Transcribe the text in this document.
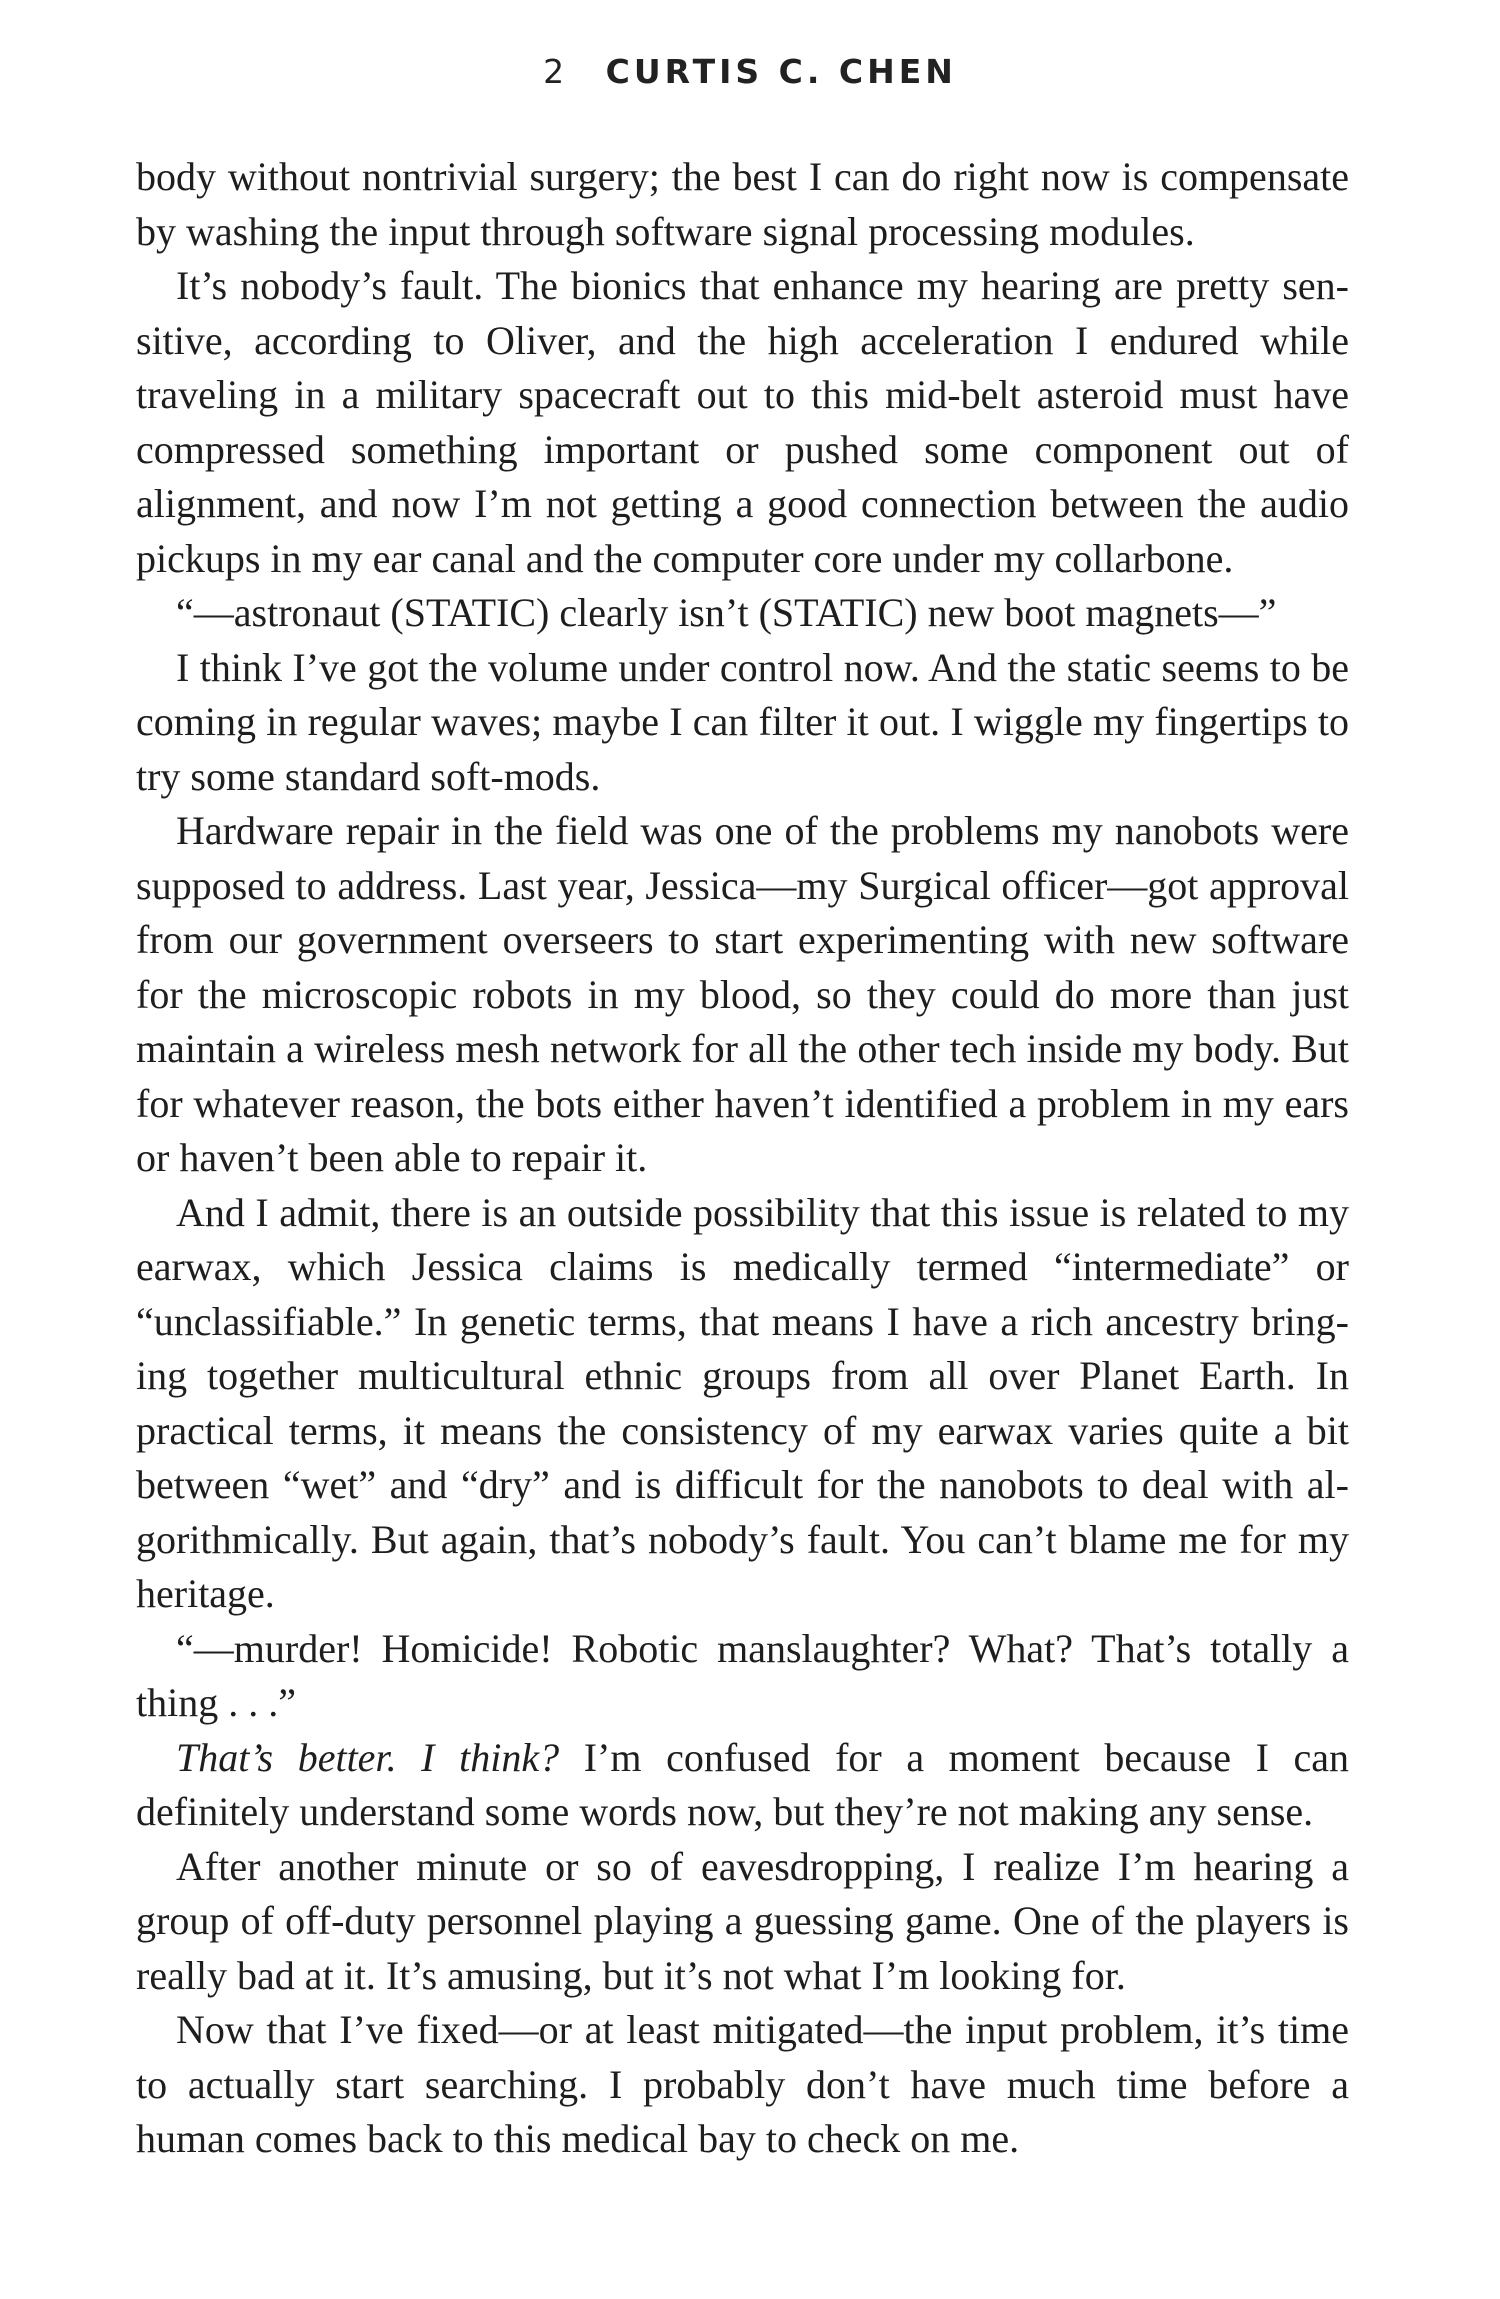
2 CURTIS C. CHEN

body without nontrivial surgery; the best I can do right now is compensate by washing the input through software signal processing modules.

It’s nobody’s fault. The bionics that enhance my hearing are pretty sensitive, according to Oliver, and the high acceleration I endured while traveling in a military spacecraft out to this mid-belt asteroid must have compressed something important or pushed some component out of alignment, and now I’m not getting a good connection between the audio pickups in my ear canal and the computer core under my collarbone.

“—astronaut (STATIC) clearly isn’t (STATIC) new boot magnets—”

I think I’ve got the volume under control now. And the static seems to be coming in regular waves; maybe I can filter it out. I wiggle my fingertips to try some standard soft-mods.

Hardware repair in the field was one of the problems my nanobots were supposed to address. Last year, Jessica—my Surgical officer—got approval from our government overseers to start experimenting with new software for the microscopic robots in my blood, so they could do more than just maintain a wireless mesh network for all the other tech inside my body. But for whatever reason, the bots either haven’t identified a problem in my ears or haven’t been able to repair it.

And I admit, there is an outside possibility that this issue is related to my earwax, which Jessica claims is medically termed “intermediate” or “unclassifiable.” In genetic terms, that means I have a rich ancestry bringing together multicultural ethnic groups from all over Planet Earth. In practical terms, it means the consistency of my earwax varies quite a bit between “wet” and “dry” and is difficult for the nanobots to deal with algorithmically. But again, that’s nobody’s fault. You can’t blame me for my heritage.

“—murder! Homicide! Robotic manslaughter? What? That’s totally a thing . . .”

That’s better. I think? I’m confused for a moment because I can definitely understand some words now, but they’re not making any sense.

After another minute or so of eavesdropping, I realize I’m hearing a group of off-duty personnel playing a guessing game. One of the players is really bad at it. It’s amusing, but it’s not what I’m looking for.

Now that I’ve fixed—or at least mitigated—the input problem, it’s time to actually start searching. I probably don’t have much time before a human comes back to this medical bay to check on me.
